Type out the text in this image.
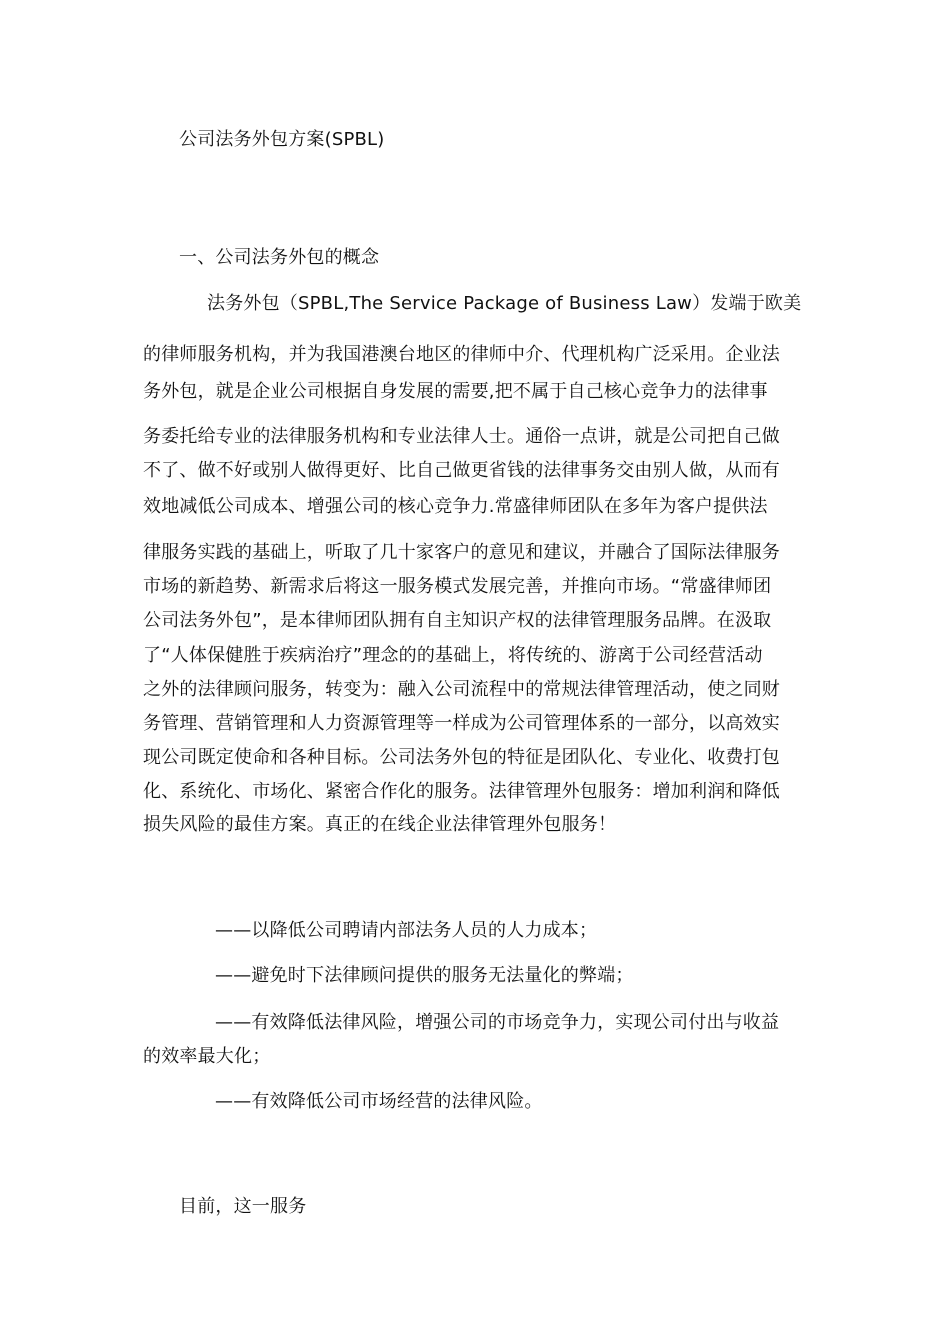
公司法务外包方案(SPBL)

一、公司法务外包的概念

法务外包（SPBL,The Service Package of Business Law）发端于欧美

的律师服务机构，并为我国港澳台地区的律师中介、代理机构广泛采用。企业法

务外包，就是企业公司根据自身发展的需要,把不属于自己核心竞争力的法律事

务委托给专业的法律服务机构和专业法律人士。通俗一点讲，就是公司把自己做

不了、做不好或别人做得更好、比自己做更省钱的法律事务交由别人做，从而有

效地减低公司成本、增强公司的核心竞争力.常盛律师团队在多年为客户提供法

律服务实践的基础上，听取了几十家客户的意见和建议，并融合了国际法律服务

市场的新趋势、新需求后将这一服务模式发展完善，并推向市场。“常盛律师团

公司法务外包”，是本律师团队拥有自主知识产权的法律管理服务品牌。在汲取

了“人体保健胜于疾病治疗”理念的的基础上，将传统的、游离于公司经营活动

之外的法律顾问服务，转变为：融入公司流程中的常规法律管理活动，使之同财

务管理、营销管理和人力资源管理等一样成为公司管理体系的一部分，以高效实

现公司既定使命和各种目标。公司法务外包的特征是团队化、专业化、收费打包

化、系统化、市场化、紧密合作化的服务。法律管理外包服务：增加利润和降低

损失风险的最佳方案。真正的在线企业法律管理外包服务！

——以降低公司聘请内部法务人员的人力成本；

——避免时下法律顾问提供的服务无法量化的弊端；

——有效降低法律风险，增强公司的市场竞争力，实现公司付出与收益

的效率最大化；

——有效降低公司市场经营的法律风险。

目前，这一服务
